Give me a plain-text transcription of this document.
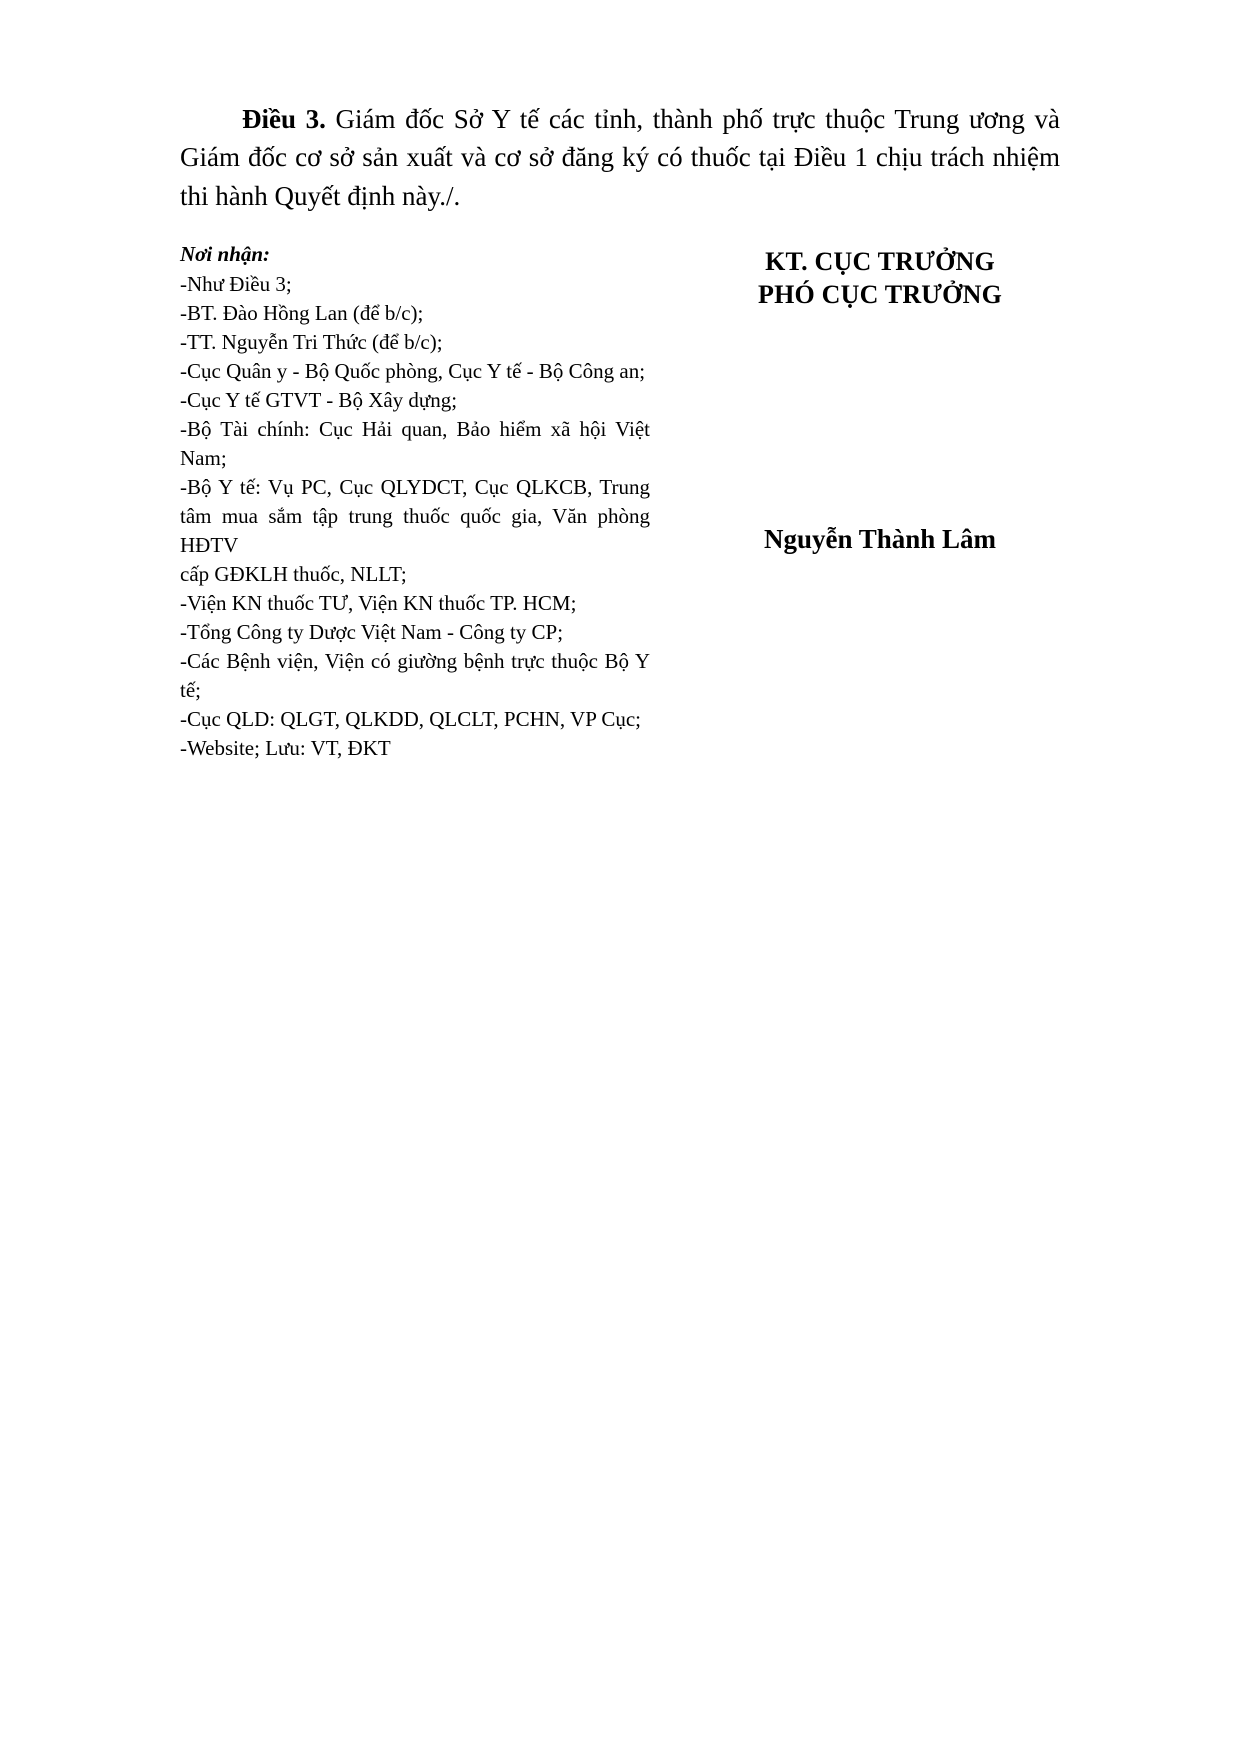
Điều 3. Giám đốc Sở Y tế các tỉnh, thành phố trực thuộc Trung ương và Giám đốc cơ sở sản xuất và cơ sở đăng ký có thuốc tại Điều 1 chịu trách nhiệm thi hành Quyết định này./.

Nơi nhận:
-Như Điều 3;
-BT. Đào Hồng Lan (để b/c);
-TT. Nguyễn Tri Thức (để b/c);
-Cục Quân y - Bộ Quốc phòng, Cục Y tế - Bộ Công an;
-Cục Y tế GTVT - Bộ Xây dựng;
-Bộ Tài chính: Cục Hải quan, Bảo hiểm xã hội Việt Nam;
-Bộ Y tế: Vụ PC, Cục QLYDCT, Cục QLKCB, Trung tâm mua sắm tập trung thuốc quốc gia, Văn phòng HĐTV
cấp GĐKLH thuốc, NLLT;
-Viện KN thuốc TƯ, Viện KN thuốc TP. HCM;
-Tổng Công ty Dược Việt Nam - Công ty CP;
-Các Bệnh viện, Viện có giường bệnh trực thuộc Bộ Y tế;
-Cục QLD: QLGT, QLKDD, QLCLT, PCHN, VP Cục;
-Website; Lưu: VT, ĐKT
KT. CỤC TRƯỞNG
PHÓ CỤC TRƯỞNG
Nguyễn Thành Lâm
